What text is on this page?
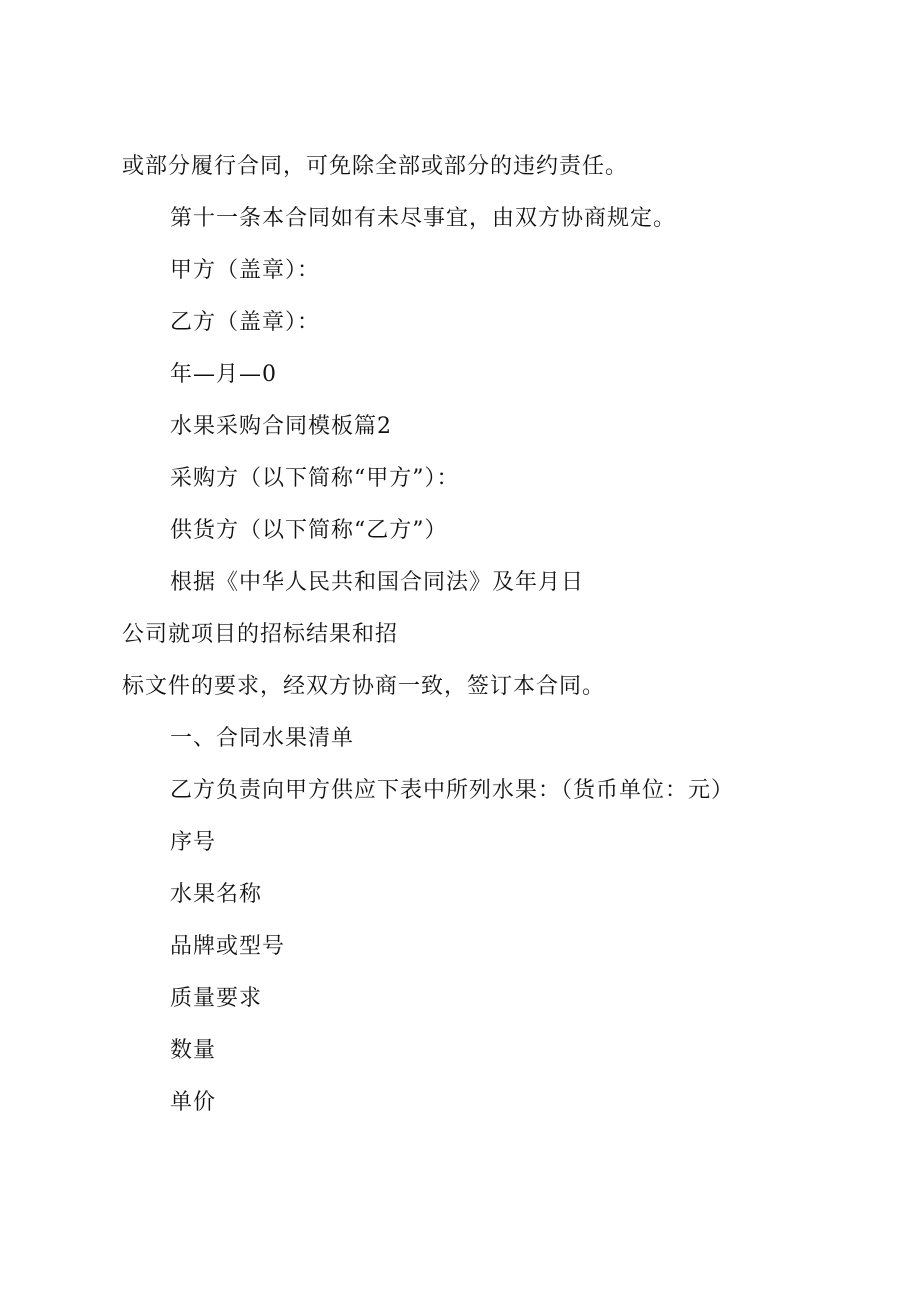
或部分履行合同，可免除全部或部分的违约责任。
第十一条本合同如有未尽事宜，由双方协商规定。
甲方（盖章）：
乙方（盖章）：
年—月—0
水果采购合同模板篇2
采购方（以下简称“甲方”）：
供货方（以下简称“乙方”）
根据《中华人民共和国合同法》及年月日
公司就项目的招标结果和招
标文件的要求，经双方协商一致，签订本合同。
一、合同水果清单
乙方负责向甲方供应下表中所列水果：（货币单位：元）
序号
水果名称
品牌或型号
质量要求
数量
单价
